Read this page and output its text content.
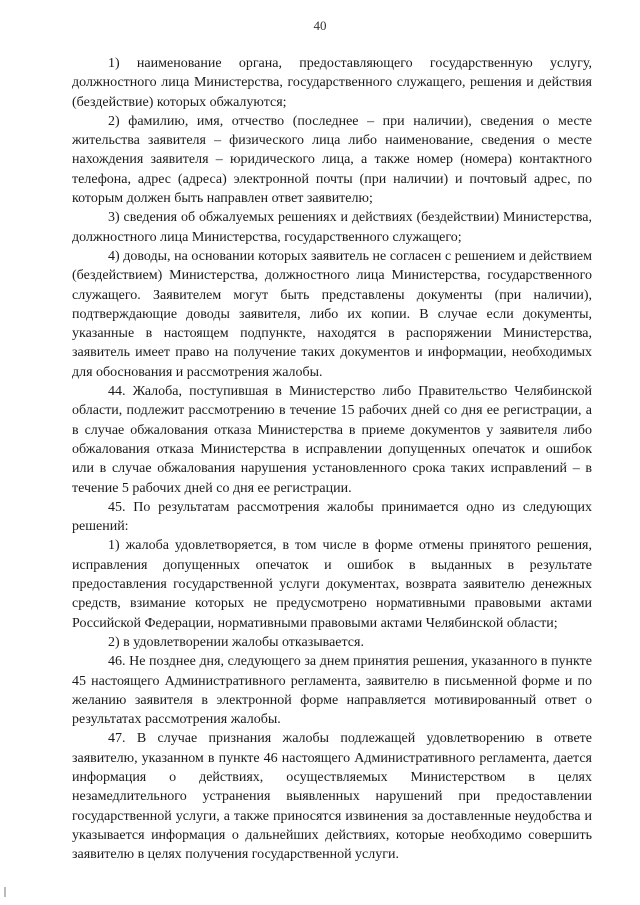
40

1) наименование органа, предоставляющего государственную услугу, должностного лица Министерства, государственного служащего, решения и действия (бездействие) которых обжалуются;

2) фамилию, имя, отчество (последнее – при наличии), сведения о месте жительства заявителя – физического лица либо наименование, сведения о месте нахождения заявителя – юридического лица, а также номер (номера) контактного телефона, адрес (адреса) электронной почты (при наличии) и почтовый адрес, по которым должен быть направлен ответ заявителю;

3) сведения об обжалуемых решениях и действиях (бездействии) Министерства, должностного лица Министерства, государственного служащего;

4) доводы, на основании которых заявитель не согласен с решением и действием (бездействием) Министерства, должностного лица Министерства, государственного служащего. Заявителем могут быть представлены документы (при наличии), подтверждающие доводы заявителя, либо их копии. В случае если документы, указанные в настоящем подпункте, находятся в распоряжении Министерства, заявитель имеет право на получение таких документов и информации, необходимых для обоснования и рассмотрения жалобы.

44. Жалоба, поступившая в Министерство либо Правительство Челябинской области, подлежит рассмотрению в течение 15 рабочих дней со дня ее регистрации, а в случае обжалования отказа Министерства в приеме документов у заявителя либо обжалования отказа Министерства в исправлении допущенных опечаток и ошибок или в случае обжалования нарушения установленного срока таких исправлений – в течение 5 рабочих дней со дня ее регистрации.

45. По результатам рассмотрения жалобы принимается одно из следующих решений:

1) жалоба удовлетворяется, в том числе в форме отмены принятого решения, исправления допущенных опечаток и ошибок в выданных в результате предоставления государственной услуги документах, возврата заявителю денежных средств, взимание которых не предусмотрено нормативными правовыми актами Российской Федерации, нормативными правовыми актами Челябинской области;

2) в удовлетворении жалобы отказывается.

46. Не позднее дня, следующего за днем принятия решения, указанного в пункте 45 настоящего Административного регламента, заявителю в письменной форме и по желанию заявителя в электронной форме направляется мотивированный ответ о результатах рассмотрения жалобы.

47. В случае признания жалобы подлежащей удовлетворению в ответе заявителю, указанном в пункте 46 настоящего Административного регламента, дается информация о действиях, осуществляемых Министерством в целях незамедлительного устранения выявленных нарушений при предоставлении государственной услуги, а также приносятся извинения за доставленные неудобства и указывается информация о дальнейших действиях, которые необходимо совершить заявителю в целях получения государственной услуги.
